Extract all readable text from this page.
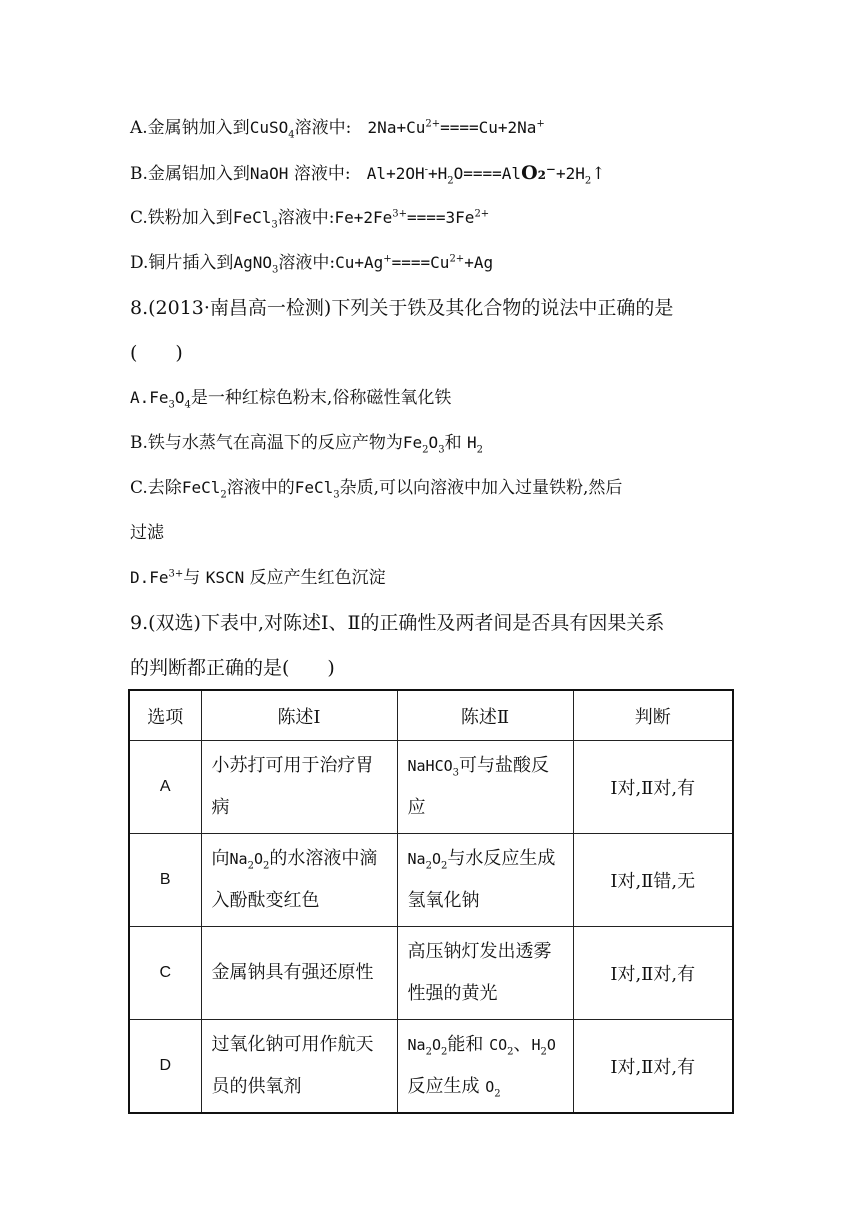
A.金属钠加入到CuSO$_4$溶液中: $2Na+Cu^{2+}====Cu+2Na^+$
B.金属铝加入到NaOH 溶液中: $Al+2OH^-+H_2O====AlO_2^-+2H_2↑$
C.铁粉加入到FeCl$_3$溶液中$:Fe+2Fe^{3+}====3Fe^{2+}$
D.铜片插入到AgNO$_3$溶液中$:Cu+Ag^+====Cu^{2+}+Ag$
8.(2013·南昌高一检测)下列关于铁及其化合物的说法中正确的是
(　　)
$A.Fe_3O_4$是一种红棕色粉末,俗称磁性氧化铁
B.铁与水蒸气在高温下的反应产物为$Fe_2O_3$和 $H_2$
C.去除FeCl$_2$溶液中的FeCl$_3$杂质,可以向溶液中加入过量铁粉,然后
过滤
$D.Fe^{3+}$与 KSCN 反应产生红色沉淀
9.(双选)下表中,对陈述Ⅰ、Ⅱ的正确性及两者间是否具有因果关系
的判断都正确的是(　　)
选项	陈述Ⅰ	陈述Ⅱ	判断
A	小苏打可用于治疗胃病	NaHCO$_3$可与盐酸反应	Ⅰ对,Ⅱ对,有
B	向$Na_2O_2$的水溶液中滴入酚酞变红色	$Na_2O_2$与水反应生成氢氧化钠	Ⅰ对,Ⅱ错,无
C	金属钠具有强还原性	高压钠灯发出透雾性强的黄光	Ⅰ对,Ⅱ对,有
D	过氧化钠可用作航天员的供氧剂	$Na_2O_2$能和 $CO_2$、$H_2O$
反应生成 $O_2$	Ⅰ对,Ⅱ对,有
